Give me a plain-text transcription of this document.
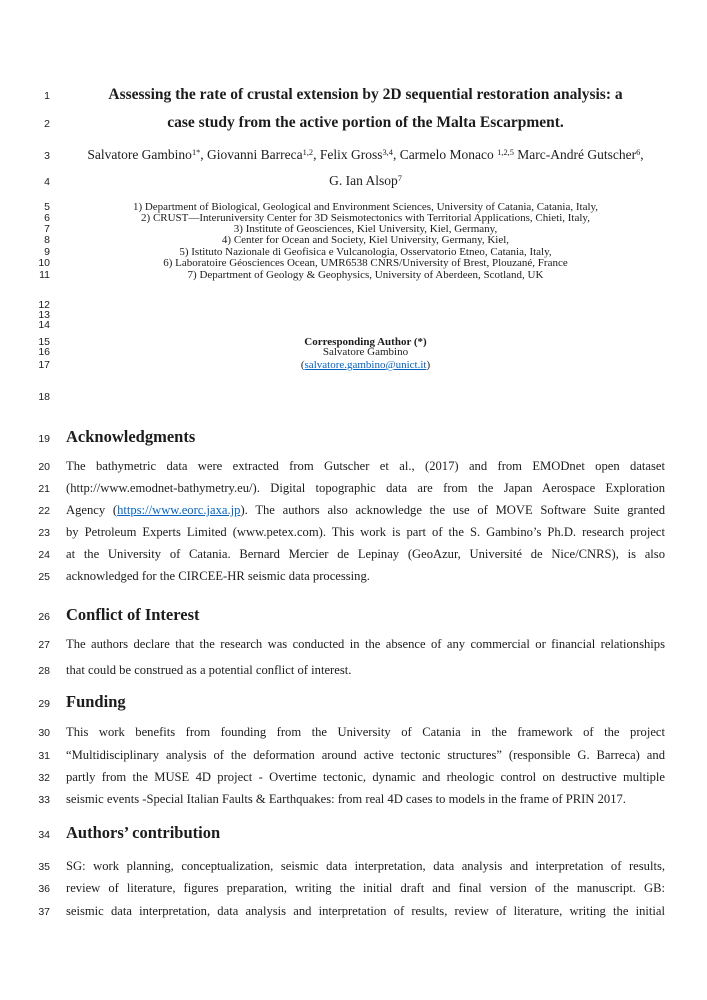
1	Assessing the rate of crustal extension by 2D sequential restoration analysis: a
2	case study from the active portion of the Malta Escarpment.
3	Salvatore Gambino$^{1*}$, Giovanni Barreca$^{1,2}$, Felix Gross$^{3,4}$, Carmelo Monaco $^{1,2,5}$ Marc-André Gutscher$^6$,
4	G. Ian Alsop$^7$
5	1) Department of Biological, Geological and Environment Sciences, University of Catania, Catania, Italy,
6	2) CRUST—Interuniversity Center for 3D Seismotectonics with Territorial Applications, Chieti, Italy,
7	3) Institute of Geosciences, Kiel University, Kiel, Germany,
8	4) Center for Ocean and Society, Kiel University, Germany, Kiel,
9	5) Istituto Nazionale di Geofisica e Vulcanologia, Osservatorio Etneo, Catania, Italy,
10	6) Laboratoire Géosciences Ocean, UMR6538 CNRS/University of Brest, Plouzané, France
11	7) Department of Geology & Geophysics, University of Aberdeen, Scotland, UK
12
13
14
15	Corresponding Author (*)
16	Salvatore Gambino
17	(salvatore.gambino@unict.it)
18
19 Acknowledgments
20 The bathymetric data were extracted from Gutscher et al., (2017) and from EMODnet open dataset
21 (http://www.emodnet-bathymetry.eu/). Digital topographic data are from the Japan Aerospace Exploration
22 Agency (https://www.eorc.jaxa.jp). The authors also acknowledge the use of MOVE Software Suite granted
23 by Petroleum Experts Limited (www.petex.com). This work is part of the S. Gambino’s Ph.D. research project
24 at the University of Catania. Bernard Mercier de Lepinay (GeoAzur, Université de Nice/CNRS), is also
25 acknowledged for the CIRCEE-HR seismic data processing.
26 Conflict of Interest
27 The authors declare that the research was conducted in the absence of any commercial or financial relationships
28 that could be construed as a potential conflict of interest.
29 Funding
30 This work benefits from founding from the University of Catania in the framework of the project
31 “Multidisciplinary analysis of the deformation around active tectonic structures” (responsible G. Barreca) and
32 partly from the MUSE 4D project - Overtime tectonic, dynamic and rheologic control on destructive multiple
33 seismic events -Special Italian Faults & Earthquakes: from real 4D cases to models in the frame of PRIN 2017.
34 Authors’ contribution
35 SG: work planning, conceptualization, seismic data interpretation, data analysis and interpretation of results,
36 review of literature, figures preparation, writing the initial draft and final version of the manuscript. GB:
37 seismic data interpretation, data analysis and interpretation of results, review of literature, writing the initial
